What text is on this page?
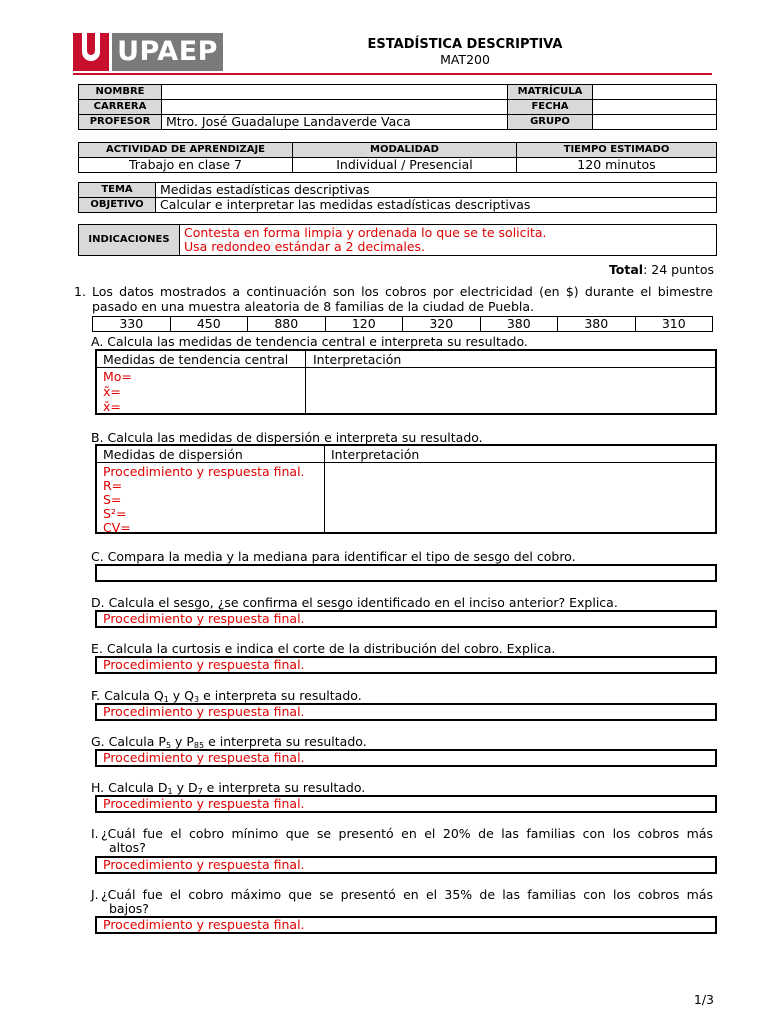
UPAEP	ESTADÍSTICA DESCRIPTIVA
MAT200
NOMBRE		MATRÍCULA	
CARRERA		FECHA	
PROFESOR	Mtro. José Guadalupe Landaverde Vaca	GRUPO	
ACTIVIDAD DE APRENDIZAJE	MODALIDAD	TIEMPO ESTIMADO
Trabajo en clase 7	Individual / Presencial	120 minutos
TEMA	Medidas estadísticas descriptivas
OBJETIVO	Calcular e interpretar las medidas estadísticas descriptivas
INDICACIONES	Contesta en forma limpia y ordenada lo que se te solicita.
Usa redondeo estándar a 2 decimales.
Total: 24 puntos
1. Los datos mostrados a continuación son los cobros por electricidad (en $) durante el bimestre
pasado en una muestra aleatoria de 8 familias de la ciudad de Puebla.
330	450	880	120	320	380	380	310
A. Calcula las medidas de tendencia central e interpreta su resultado.
Medidas de tendencia central Interpretación
Mo=
x̃=
x̄=
B. Calcula las medidas de dispersión e interpreta su resultado.
Medidas de dispersión	Interpretación
Procedimiento y respuesta final.
R=
S=
S²=
CV=
C. Compara la media y la mediana para identificar el tipo de sesgo del cobro.
D. Calcula el sesgo, ¿se confirma el sesgo identificado en el inciso anterior? Explica.
Procedimiento y respuesta final.
E. Calcula la curtosis e indica el corte de la distribución del cobro. Explica.
Procedimiento y respuesta final.
F. Calcula $Q_1$ y $Q_3$ e interpreta su resultado.
Procedimiento y respuesta final.
G. Calcula $P_5$ y $P_{85}$ e interpreta su resultado.
Procedimiento y respuesta final.
H. Calcula $D_1$ y $D_7$ e interpreta su resultado.
Procedimiento y respuesta final.
I. ¿Cuál fue el cobro mínimo que se presentó en el 20% de las familias con los cobros más
altos?
Procedimiento y respuesta final.
J. ¿Cuál fue el cobro máximo que se presentó en el 35% de las familias con los cobros más
bajos?
Procedimiento y respuesta final.
1/3
